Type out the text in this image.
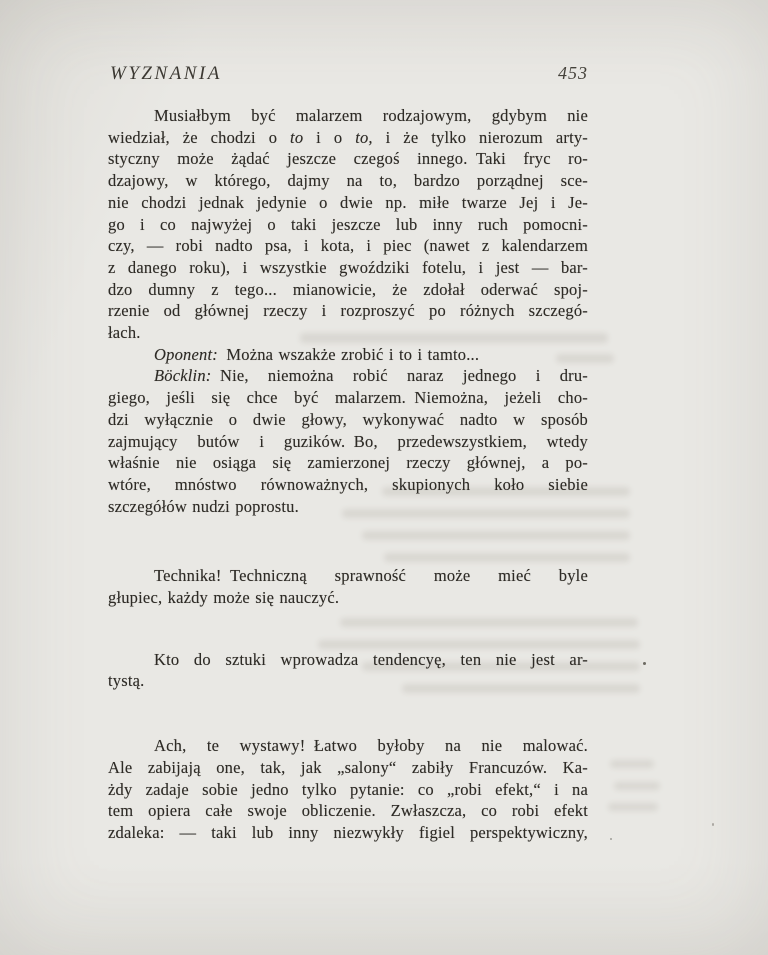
WYZNANIA	453
Musiałbym być malarzem rodzajowym, gdybym nie
wiedział, że chodzi o to i o to, i że tylko nierozum arty-
styczny może żądać jeszcze czegoś innego. Taki fryc ro-
dzajowy, w którego, dajmy na to, bardzo porządnej sce-
nie chodzi jednak jedynie o dwie np. miłe twarze Jej i Je-
go i co najwyżej o taki jeszcze lub inny ruch pomocni-
czy, — robi nadto psa, i kota, i piec (nawet z kalendarzem
z danego roku), i wszystkie gwoździki fotelu, i jest — bar-
dzo dumny z tego... mianowicie, że zdołał oderwać spoj-
rzenie od głównej rzeczy i rozproszyć po różnych szczegó-
łach.
Oponent: Można wszakże zrobić i to i tamto...
Böcklin: Nie, niemożna robić naraz jednego i dru-
giego, jeśli się chce być malarzem. Niemożna, jeżeli cho-
dzi wyłącznie o dwie głowy, wykonywać nadto w sposób
zajmujący butów i guzików. Bo, przedewszystkiem, wtedy
właśnie nie osiąga się zamierzonej rzeczy głównej, a po-
wtóre, mnóstwo równoważnych, skupionych koło siebie
szczegółów nudzi poprostu.
Technika! Techniczną sprawność może mieć byle
głupiec, każdy może się nauczyć.
Kto do sztuki wprowadza tendencyę, ten nie jest ar-
tystą.
Ach, te wystawy! Łatwo byłoby na nie malować.
Ale zabijają one, tak, jak „salony“ zabiły Francuzów. Ka-
żdy zadaje sobie jedno tylko pytanie: co „robi efekt,“ i na
tem opiera całe swoje obliczenie. Zwłaszcza, co robi efekt
zdaleka: — taki lub inny niezwykły figiel perspektywiczny,
